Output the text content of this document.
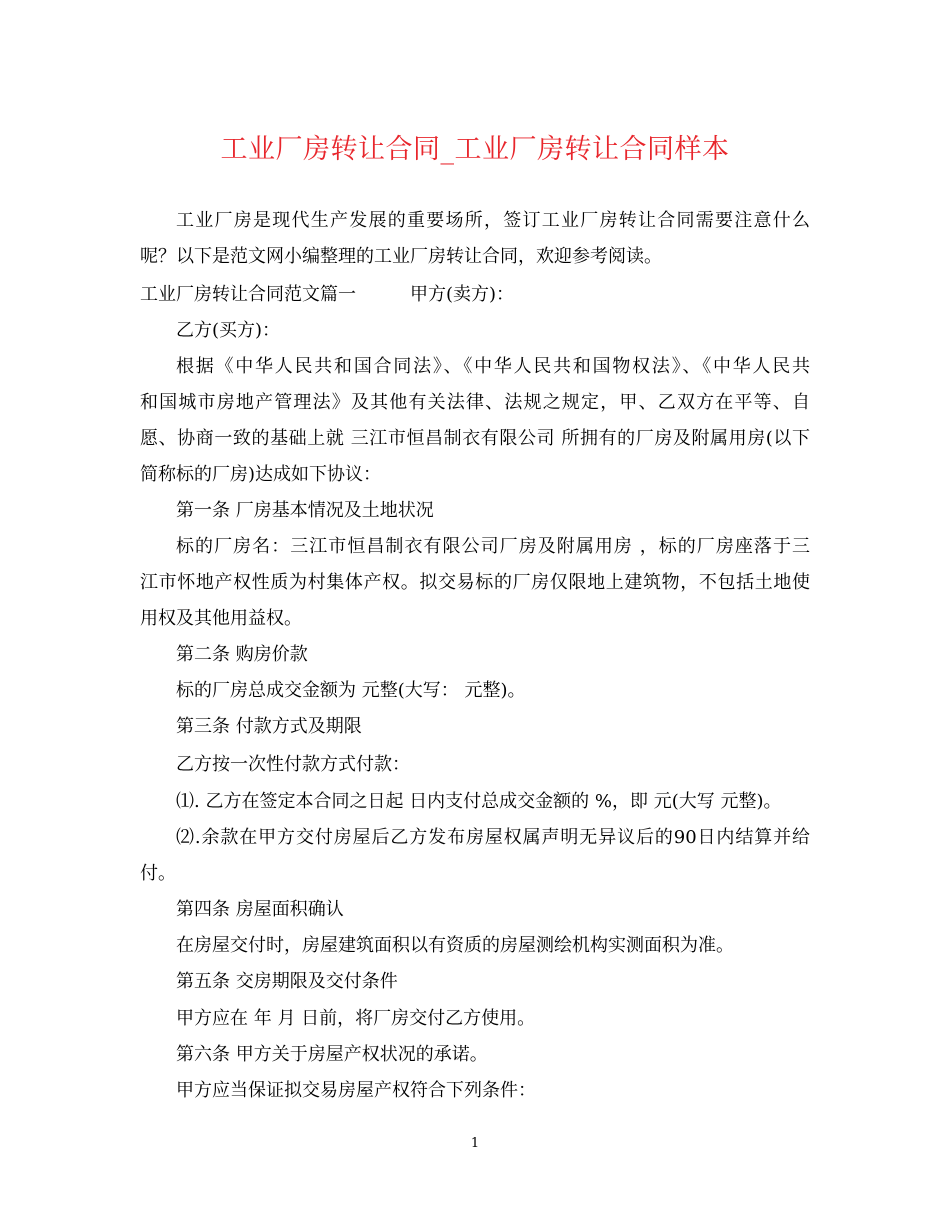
工业厂房转让合同_工业厂房转让合同样本
工业厂房是现代生产发展的重要场所，签订工业厂房转让合同需要注意什么
呢？以下是范文网小编整理的工业厂房转让合同，欢迎参考阅读。
工业厂房转让合同范文篇一	甲方(卖方)：
乙方(买方)：
根据《中华人民共和国合同法》、《中华人民共和国物权法》、《中华人民共
和国城市房地产管理法》及其他有关法律、法规之规定，甲、乙双方在平等、自
愿、协商一致的基础上就 三江市恒昌制衣有限公司 所拥有的厂房及附属用房(以下
简称标的厂房)达成如下协议：
第一条 厂房基本情况及土地状况
标的厂房名：三江市恒昌制衣有限公司厂房及附属用房 ，标的厂房座落于三
江市怀地产权性质为村集体产权。拟交易标的厂房仅限地上建筑物，不包括土地使
用权及其他用益权。
第二条 购房价款
标的厂房总成交金额为 元整(大写： 元整)。
第三条 付款方式及期限
乙方按一次性付款方式付款：
⑴. 乙方在签定本合同之日起 日内支付总成交金额的 %，即 元(大写 元整)。
⑵.余款在甲方交付房屋后乙方发布房屋权属声明无异议后的90日内结算并给
付。
第四条 房屋面积确认
在房屋交付时，房屋建筑面积以有资质的房屋测绘机构实测面积为准。
第五条 交房期限及交付条件
甲方应在 年 月 日前，将厂房交付乙方使用。
第六条 甲方关于房屋产权状况的承诺。
甲方应当保证拟交易房屋产权符合下列条件：
1
